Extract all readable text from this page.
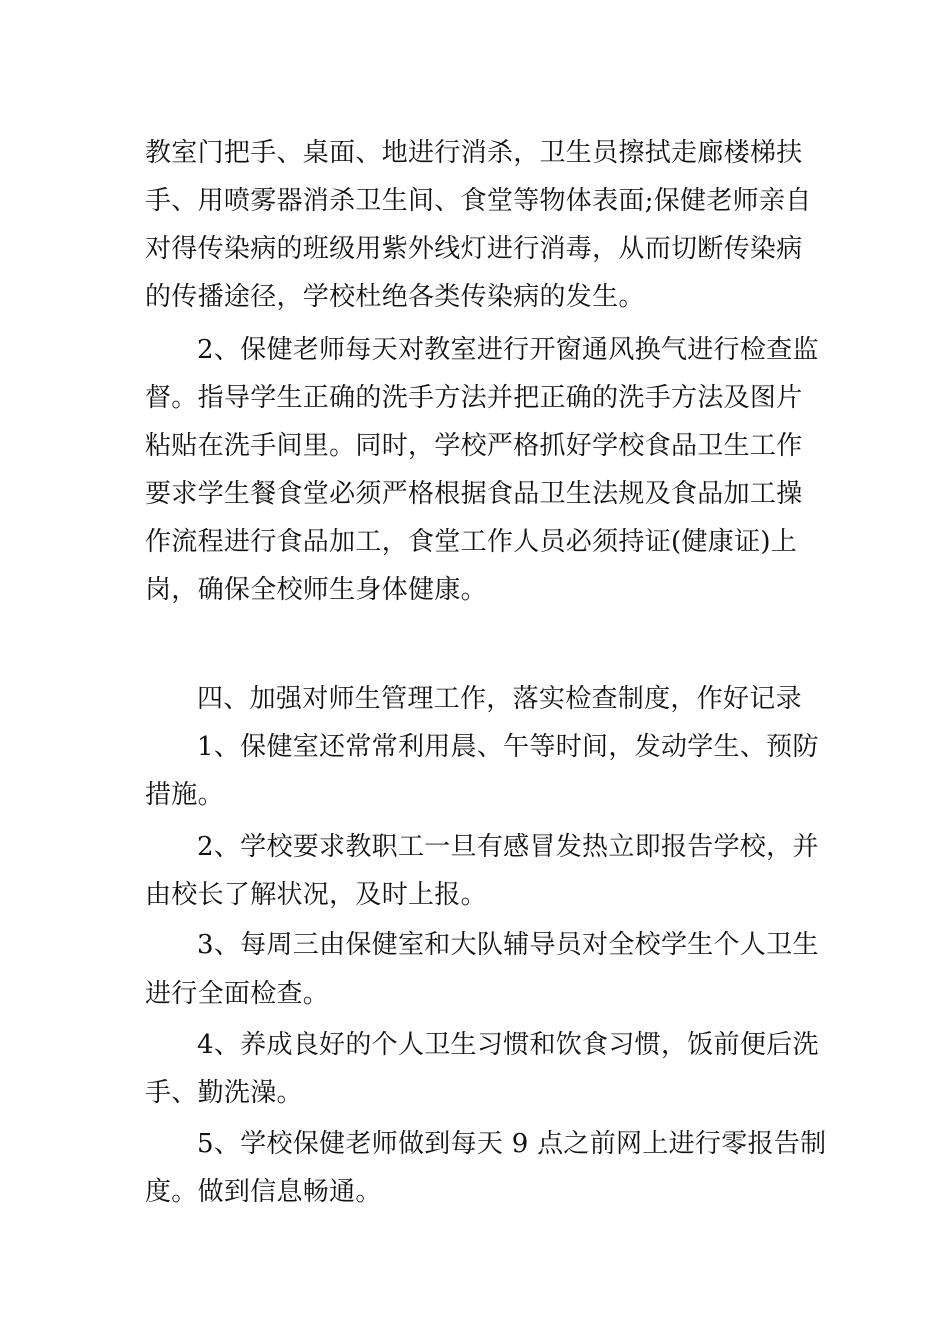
教室门把手、桌面、地进行消杀，卫生员擦拭走廊楼梯扶
手、用喷雾器消杀卫生间、食堂等物体表面;保健老师亲自
对得传染病的班级用紫外线灯进行消毒，从而切断传染病
的传播途径，学校杜绝各类传染病的发生。
2、保健老师每天对教室进行开窗通风换气进行检查监
督。指导学生正确的洗手方法并把正确的洗手方法及图片
粘贴在洗手间里。同时，学校严格抓好学校食品卫生工作
要求学生餐食堂必须严格根据食品卫生法规及食品加工操
作流程进行食品加工，食堂工作人员必须持证(健康证)上
岗，确保全校师生身体健康。
四、加强对师生管理工作，落实检查制度，作好记录
1、保健室还常常利用晨、午等时间，发动学生、预防
措施。
2、学校要求教职工一旦有感冒发热立即报告学校，并
由校长了解状况，及时上报。
3、每周三由保健室和大队辅导员对全校学生个人卫生
进行全面检查。
4、养成良好的个人卫生习惯和饮食习惯，饭前便后洗
手、勤洗澡。
5、学校保健老师做到每天 9 点之前网上进行零报告制
度。做到信息畅通。
